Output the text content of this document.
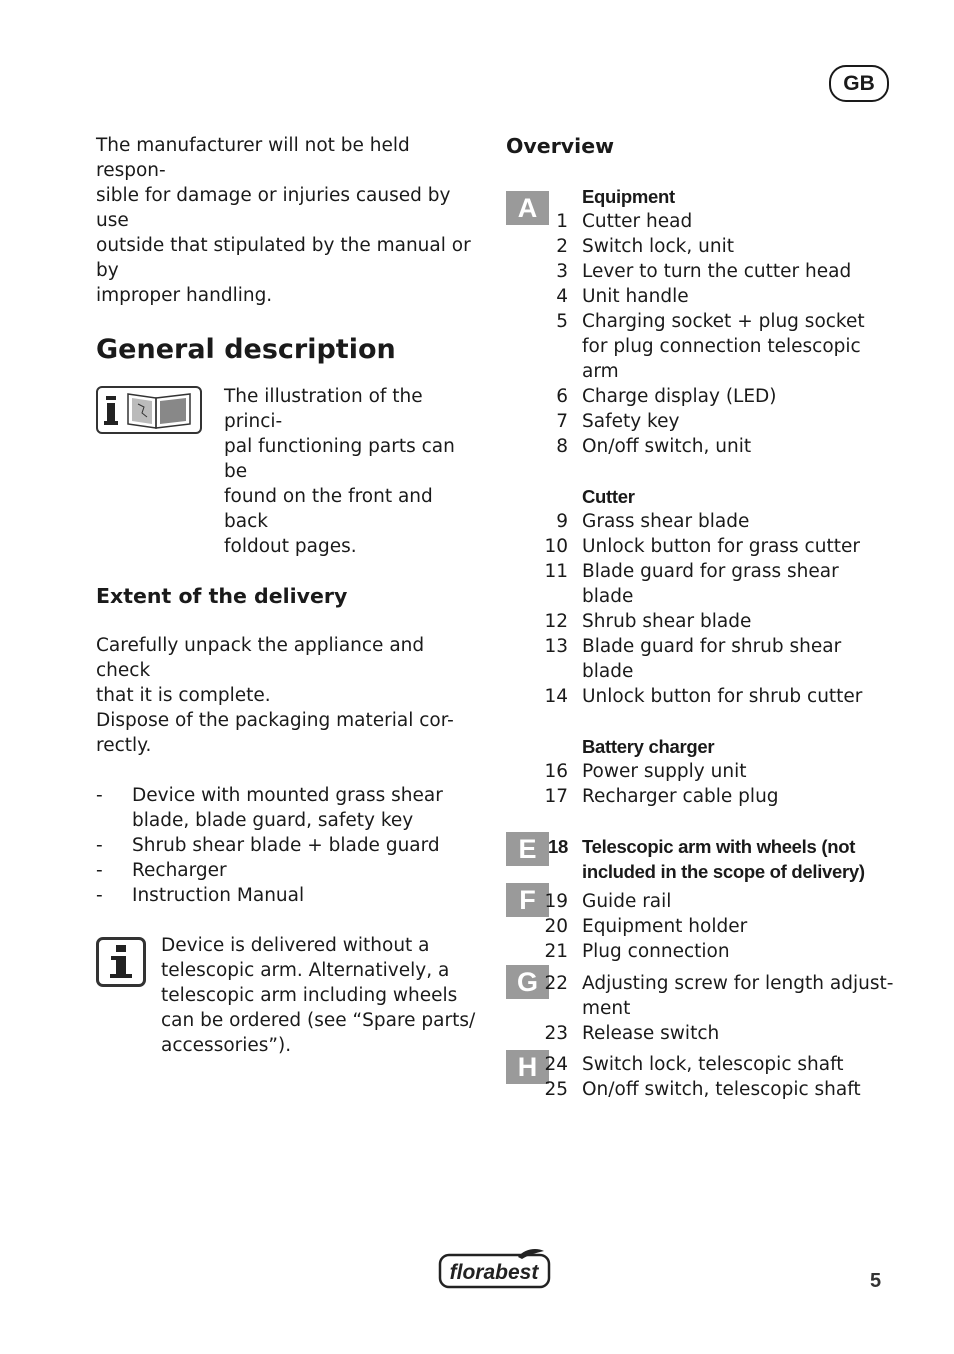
GB
The manufacturer will not be held respon-
sible for damage or injuries caused by use
outside that stipulated by the manual or by
improper handling.
General description
The illustration of the princi-
pal functioning parts can be
found on the front and back
foldout pages.
Extent of the delivery
Carefully unpack the appliance and check
that it is complete.
Dispose of the packaging material cor-
rectly.
-	Device with mounted grass shear
blade, blade guard, safety key
-	Shrub shear blade + blade guard
-	Recharger
-	Instruction Manual
Device is delivered without a
telescopic arm. Alternatively, a
telescopic arm including wheels
can be ordered (see “Spare parts/
accessories”).
Overview
A	Equipment
1 Cutter head
2 Switch lock, unit
3 Lever to turn the cutter head
4 Unit handle
5 Charging socket + plug socket
for plug connection telescopic
arm
6 Charge display (LED)
7 Safety key
8 On/off switch, unit
Cutter
9 Grass shear blade
10 Unlock button for grass cutter
11 Blade guard for grass shear
blade
12 Shrub shear blade
13 Blade guard for shrub shear
blade
14 Unlock button for shrub cutter
Battery charger
16 Power supply unit
17 Recharger cable plug
E 18 Telescopic arm with wheels (not
included in the scope of delivery)
F 19 Guide rail
20 Equipment holder
21 Plug connection
G 22 Adjusting screw for length adjust-
ment
23 Release switch
H 24 Switch lock, telescopic shaft
25 On/off switch, telescopic shaft
florabest	5
